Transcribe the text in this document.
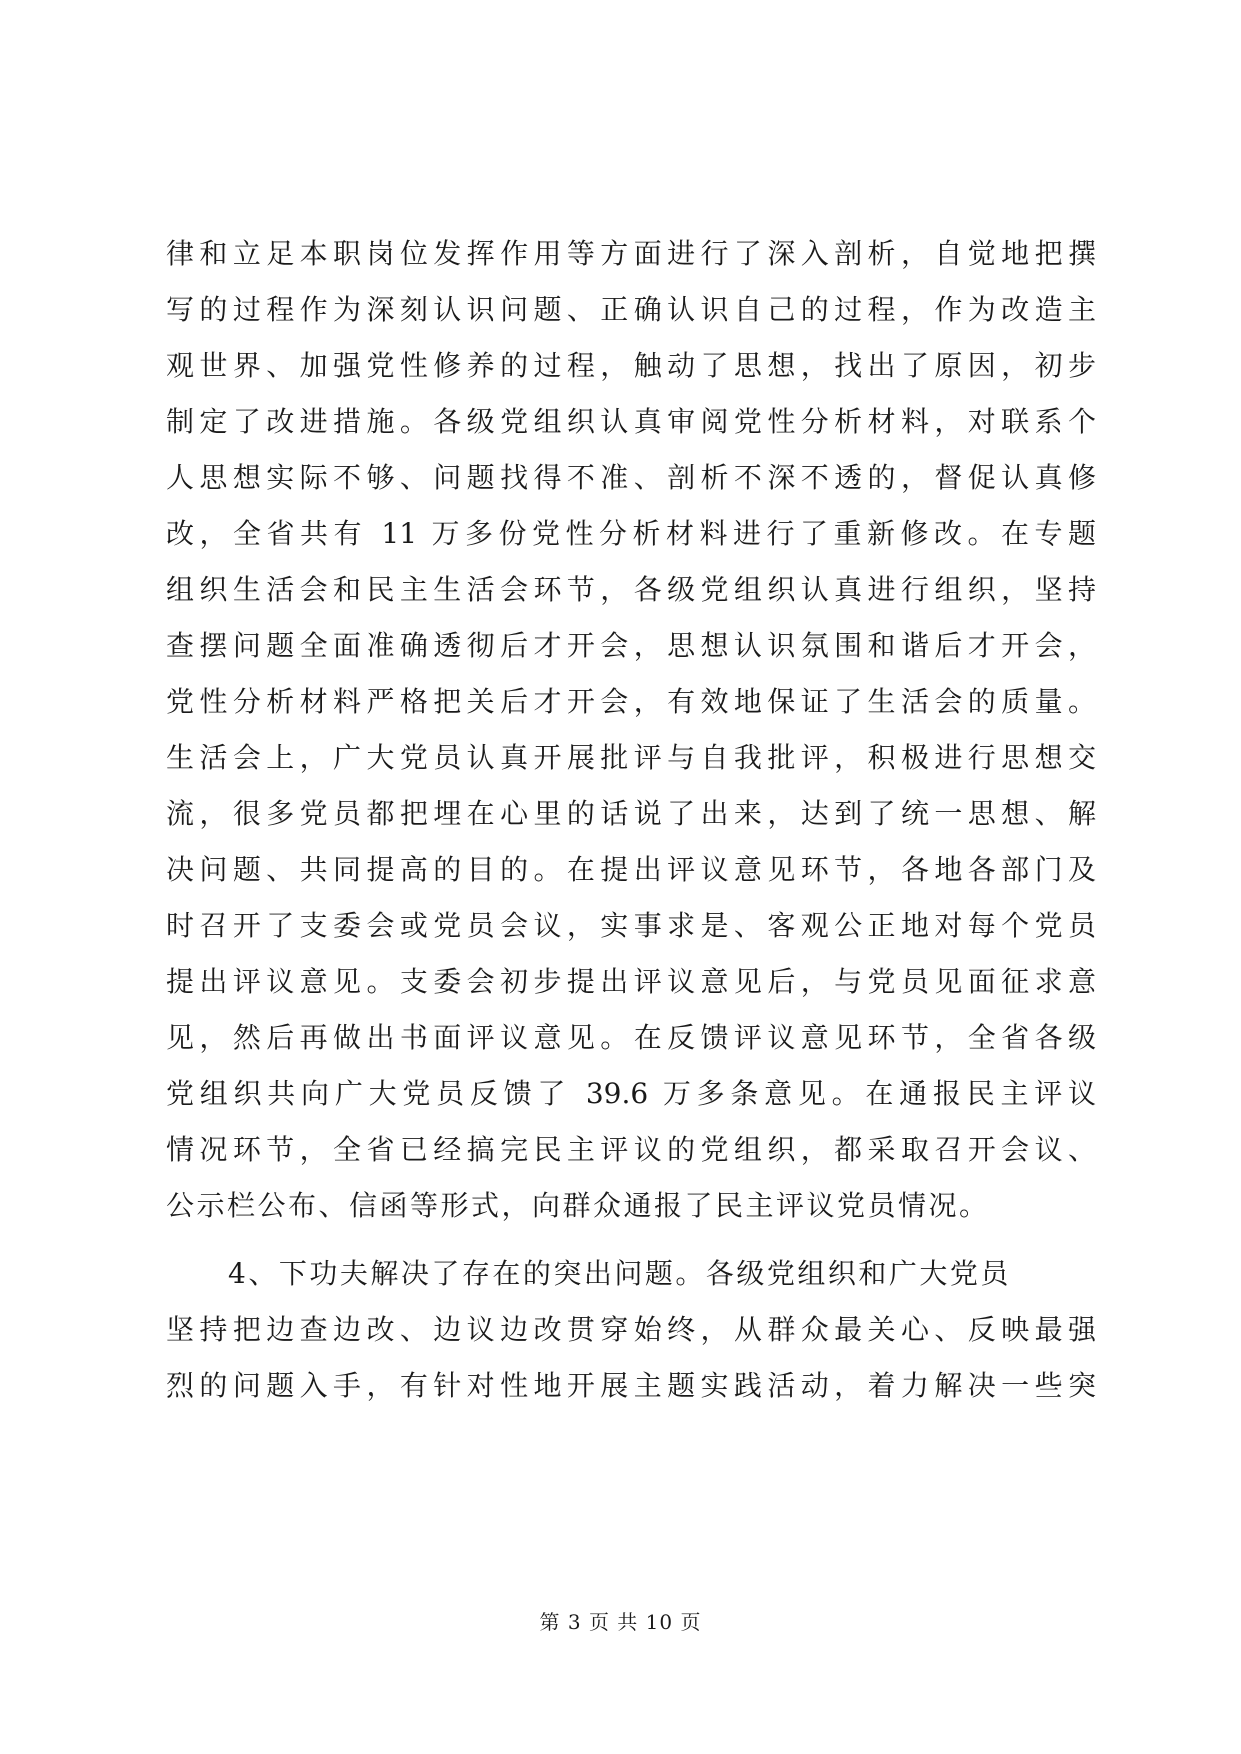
律和立足本职岗位发挥作用等方面进行了深入剖析，自觉地把撰
写的过程作为深刻认识问题、正确认识自己的过程，作为改造主
观世界、加强党性修养的过程，触动了思想，找出了原因，初步
制定了改进措施。各级党组织认真审阅党性分析材料，对联系个
人思想实际不够、问题找得不准、剖析不深不透的，督促认真修
改，全省共有 11 万多份党性分析材料进行了重新修改。在专题
组织生活会和民主生活会环节，各级党组织认真进行组织，坚持
查摆问题全面准确透彻后才开会，思想认识氛围和谐后才开会，
党性分析材料严格把关后才开会，有效地保证了生活会的质量。
生活会上，广大党员认真开展批评与自我批评，积极进行思想交
流，很多党员都把埋在心里的话说了出来，达到了统一思想、解
决问题、共同提高的目的。在提出评议意见环节，各地各部门及
时召开了支委会或党员会议，实事求是、客观公正地对每个党员
提出评议意见。支委会初步提出评议意见后，与党员见面征求意
见，然后再做出书面评议意见。在反馈评议意见环节，全省各级
党组织共向广大党员反馈了 39.6 万多条意见。在通报民主评议
情况环节，全省已经搞完民主评议的党组织，都采取召开会议、
公示栏公布、信函等形式，向群众通报了民主评议党员情况。
4、下功夫解决了存在的突出问题。各级党组织和广大党员
坚持把边查边改、边议边改贯穿始终，从群众最关心、反映最强
烈的问题入手，有针对性地开展主题实践活动，着力解决一些突
第 3 页 共 10 页
